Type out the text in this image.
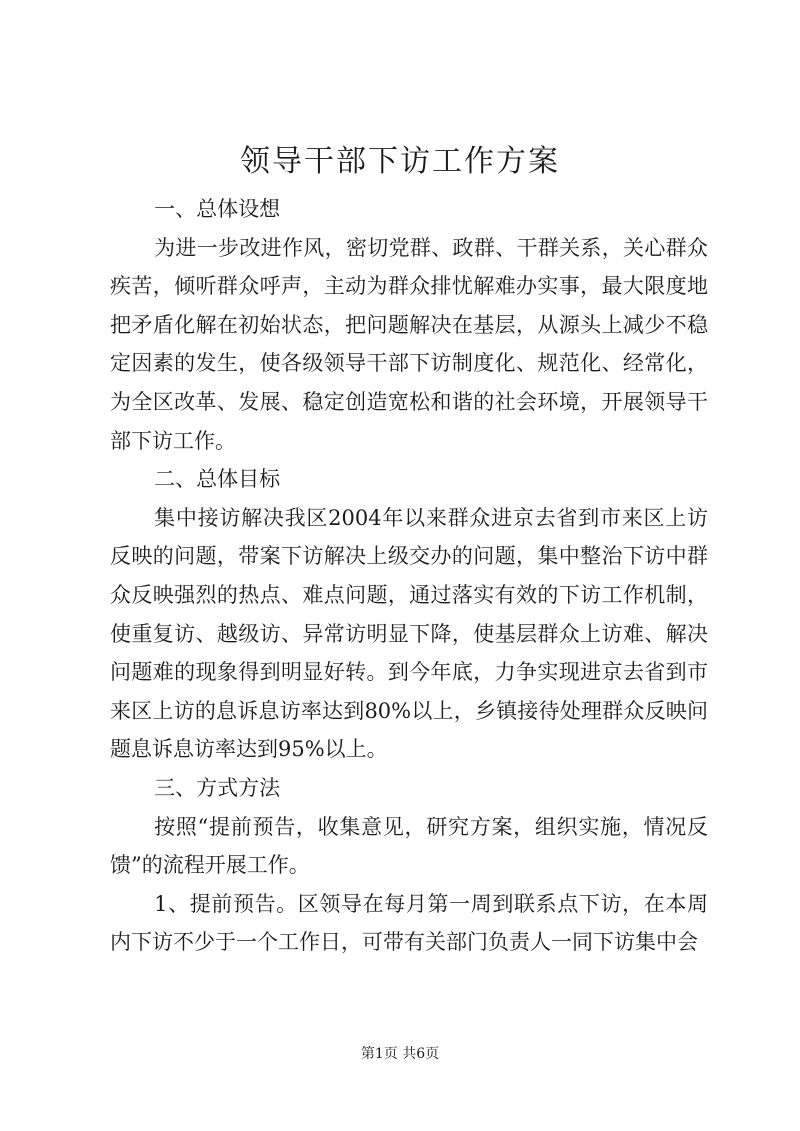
领导干部下访工作方案

一、总体设想

为进一步改进作风，密切党群、政群、干群关系，关心群众疾苦，倾听群众呼声，主动为群众排忧解难办实事，最大限度地把矛盾化解在初始状态，把问题解决在基层，从源头上减少不稳定因素的发生，使各级领导干部下访制度化、规范化、经常化，为全区改革、发展、稳定创造宽松和谐的社会环境，开展领导干部下访工作。

二、总体目标

集中接访解决我区2004年以来群众进京去省到市来区上访反映的问题，带案下访解决上级交办的问题，集中整治下访中群众反映强烈的热点、难点问题，通过落实有效的下访工作机制，使重复访、越级访、异常访明显下降，使基层群众上访难、解决问题难的现象得到明显好转。到今年底，力争实现进京去省到市来区上访的息诉息访率达到80%以上，乡镇接待处理群众反映问题息诉息访率达到95%以上。

三、方式方法

按照“提前预告，收集意见，研究方案，组织实施，情况反馈”的流程开展工作。

1、提前预告。区领导在每月第一周到联系点下访，在本周内下访不少于一个工作日，可带有关部门负责人一同下访集中会

第1页 共6页
